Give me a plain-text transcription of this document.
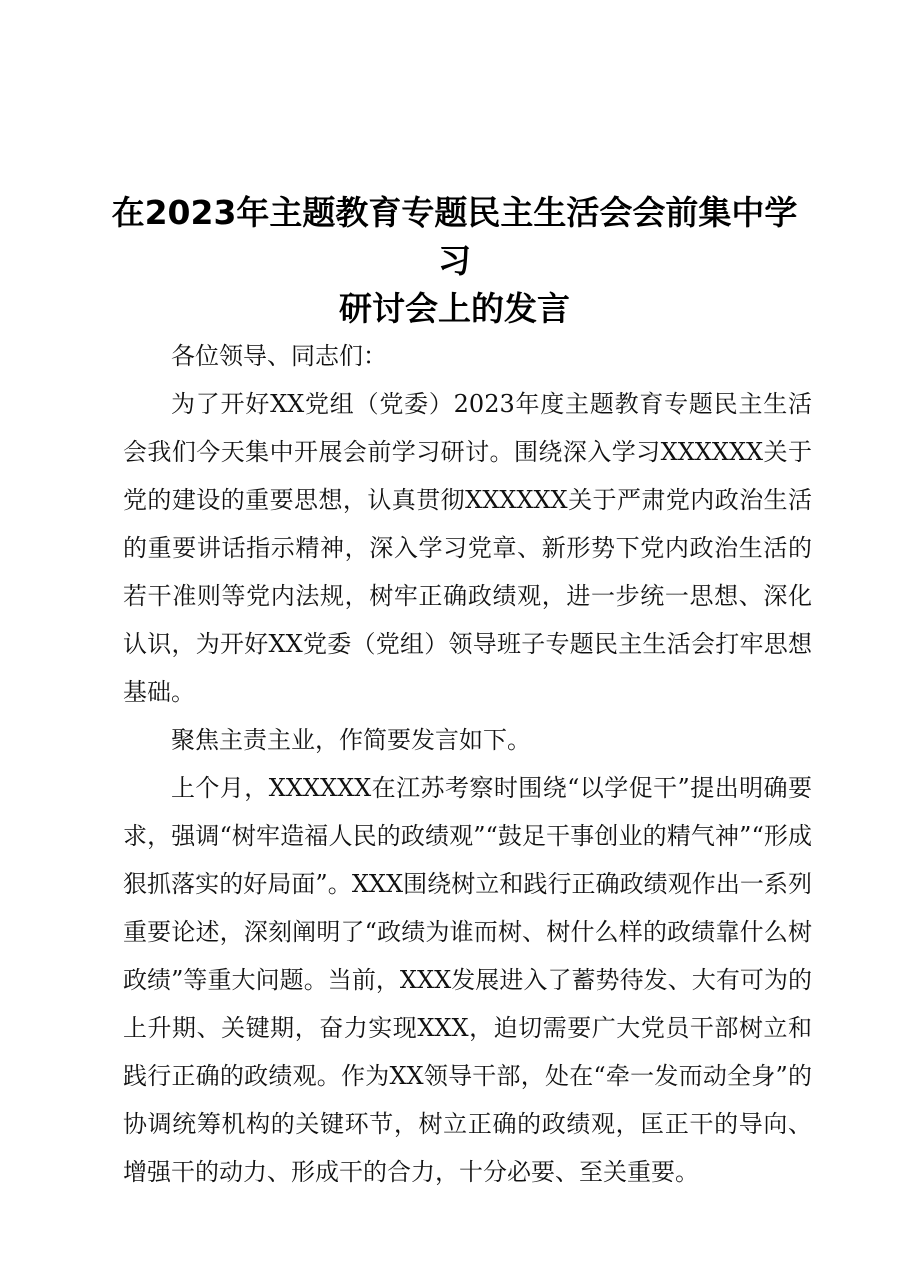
在2023年主题教育专题民主生活会会前集中学习
研讨会上的发言

各位领导、同志们：

为了开好XX党组（党委）2023年度主题教育专题民主生活会我们今天集中开展会前学习研讨。围绕深入学习XXXXXX关于党的建设的重要思想，认真贯彻XXXXXX关于严肃党内政治生活的重要讲话指示精神，深入学习党章、新形势下党内政治生活的若干准则等党内法规，树牢正确政绩观，进一步统一思想、深化认识，为开好XX党委（党组）领导班子专题民主生活会打牢思想基础。

聚焦主责主业，作简要发言如下。

上个月，XXXXXX在江苏考察时围绕“以学促干”提出明确要求，强调“树牢造福人民的政绩观”“鼓足干事创业的精气神”“形成狠抓落实的好局面”。XXX围绕树立和践行正确政绩观作出一系列重要论述，深刻阐明了“政绩为谁而树、树什么样的政绩靠什么树政绩”等重大问题。当前，XXX发展进入了蓄势待发、大有可为的上升期、关键期，奋力实现XXX，迫切需要广大党员干部树立和践行正确的政绩观。作为XX领导干部，处在“牵一发而动全身”的协调统筹机构的关键环节，树立正确的政绩观，匡正干的导向、增强干的动力、形成干的合力，十分必要、至关重要。
